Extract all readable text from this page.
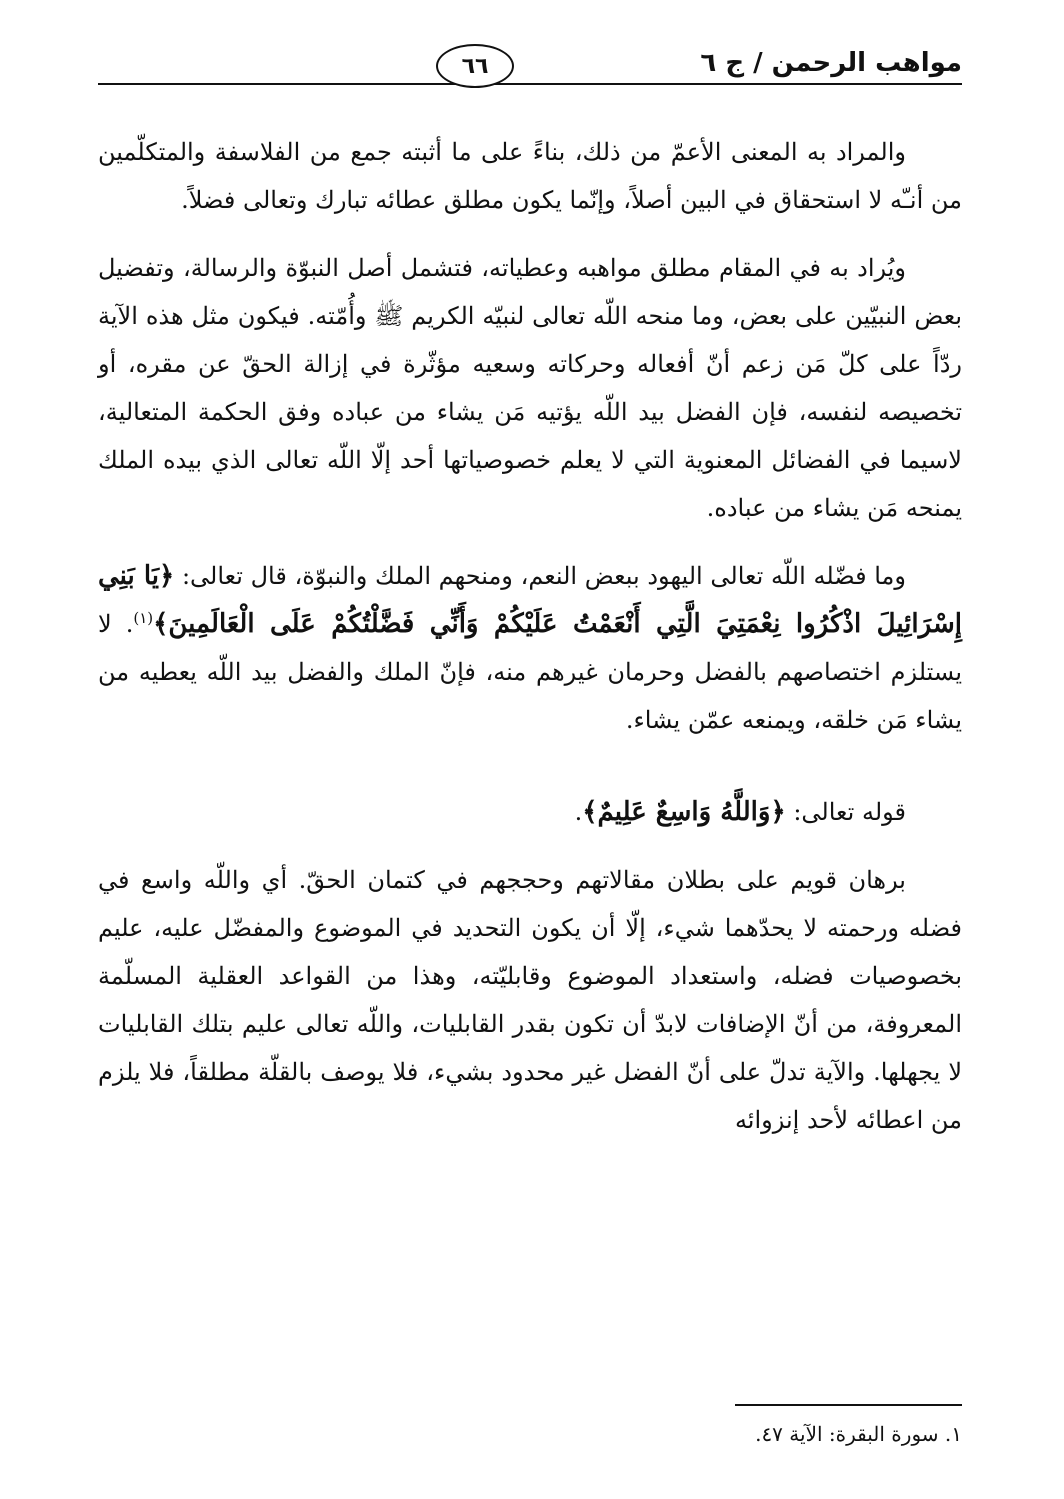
مواهب الرحمن / ج ٦
٦٦

والمراد به المعنى الأعمّ من ذلك، بناءً على ما أثبته جمع من الفلاسفة والمتكلّمين من أنـّه لا استحقاق في البين أصلاً، وإنّما يكون مطلق عطائه تبارك وتعالى فضلاً.

ويُراد به في المقام مطلق مواهبه وعطياته، فتشمل أصل النبوّة والرسالة، وتفضيل بعض النبيّين على بعض، وما منحه اللّه تعالى لنبيّه الكريم ﷺ وأُمّته. فيكون مثل هذه الآية ردّاً على كلّ مَن زعم أنّ أفعاله وحركاته وسعيه مؤثّرة في إزالة الحقّ عن مقره، أو تخصيصه لنفسه، فإن الفضل بيد اللّه يؤتيه مَن يشاء من عباده وفق الحكمة المتعالية، لاسيما في الفضائل المعنوية التي لا يعلم خصوصياتها أحد إلّا اللّه تعالى الذي بيده الملك يمنحه مَن يشاء من عباده.

وما فضّله اللّه تعالى اليهود ببعض النعم، ومنحهم الملك والنبوّة، قال تعالى: ﴿يَا بَنِي إِسْرَائِيلَ اذْكُرُوا نِعْمَتِيَ الَّتِي أَنْعَمْتُ عَلَيْكُمْ وَأَنِّي فَضَّلْتُكُمْ عَلَى الْعَالَمِينَ﴾$^{(١)}$. لا يستلزم اختصاصهم بالفضل وحرمان غيرهم منه، فإنّ الملك والفضل بيد اللّه يعطيه من يشاء مَن خلقه، ويمنعه عمّن يشاء.

قوله تعالى: ﴿وَاللَّهُ وَاسِعٌ عَلِيمٌ﴾.

برهان قويم على بطلان مقالاتهم وحججهم في كتمان الحقّ. أي واللّه واسع في فضله ورحمته لا يحدّهما شيء، إلّا أن يكون التحديد في الموضوع والمفضّل عليه، عليم بخصوصيات فضله، واستعداد الموضوع وقابليّته، وهذا من القواعد العقلية المسلّمة المعروفة، من أنّ الإضافات لابدّ أن تكون بقدر القابليات، واللّه تعالى عليم بتلك القابليات لا يجهلها. والآية تدلّ على أنّ الفضل غير محدود بشيء، فلا يوصف بالقلّة مطلقاً، فلا يلزم من اعطائه لأحد إنزوائه

١. سورة البقرة: الآية ٤٧.
